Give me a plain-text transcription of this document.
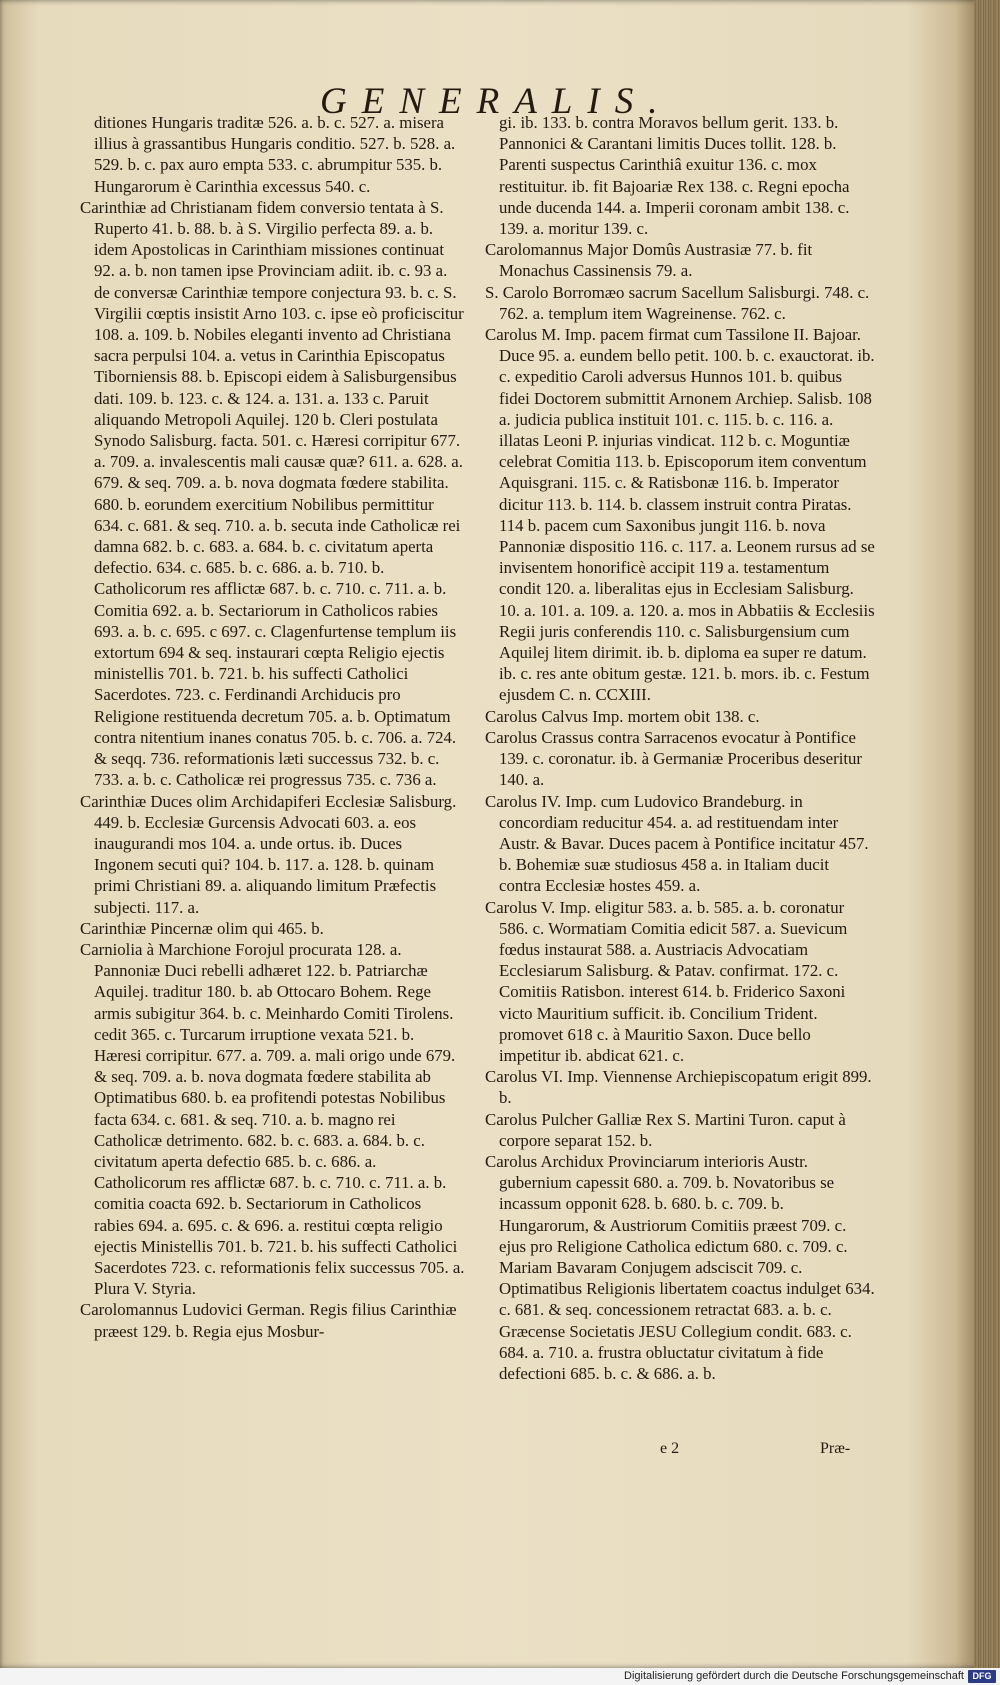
GENERALIS.

ditiones Hungaris traditæ 526. a. b. c. 527. a. misera illius à grassantibus Hungaris conditio. 527. b. 528. a. 529. b. c. pax auro empta 533. c. abrumpitur 535. b. Hungarorum è Carinthia excessus 540. c.

Carinthiæ ad Christianam fidem conversio tentata à S. Ruperto 41. b. 88. b. à S. Virgilio perfecta 89. a. b. idem Apostolicas in Carinthiam missiones continuat 92. a. b. non tamen ipse Provinciam adiit. ib. c. 93 a. de conversæ Carinthiæ tempore conjectura 93. b. c. S. Virgilii cœptis insistit Arno 103. c. ipse eò proficiscitur 108. a. 109. b. Nobiles eleganti invento ad Christiana sacra perpulsi 104. a. vetus in Carinthia Episcopatus Tiborniensis 88. b. Episcopi eidem à Salisburgensibus dati. 109. b. 123. c. & 124. a. 131. a. 133 c. Paruit aliquando Metropoli Aquilej. 120 b. Cleri postulata Synodo Salisburg. facta. 501. c. Hæresi corripitur 677. a. 709. a. invalescentis mali causæ quæ? 611. a. 628. a. 679. & seq. 709. a. b. nova dogmata fœdere stabilita. 680. b. eorundem exercitium Nobilibus permittitur 634. c. 681. & seq. 710. a. b. secuta inde Catholicæ rei damna 682. b. c. 683. a. 684. b. c. civitatum aperta defectio. 634. c. 685. b. c. 686. a. b. 710. b. Catholicorum res afflictæ 687. b. c. 710. c. 711. a. b. Comitia 692. a. b. Sectariorum in Catholicos rabies 693. a. b. c. 695. c 697. c. Clagenfurtense templum iis extortum 694 & seq. instaurari cœpta Religio ejectis ministellis 701. b. 721. b. his suffecti Catholici Sacerdotes. 723. c. Ferdinandi Archiducis pro Religione restituenda decretum 705. a. b. Optimatum contra nitentium inanes conatus 705. b. c. 706. a. 724. & seqq. 736. reformationis læti successus 732. b. c. 733. a. b. c. Catholicæ rei progressus 735. c. 736 a.

Carinthiæ Duces olim Archidapiferi Ecclesiæ Salisburg. 449. b. Ecclesiæ Gurcensis Advocati 603. a. eos inaugurandi mos 104. a. unde ortus. ib. Duces Ingonem secuti qui? 104. b. 117. a. 128. b. quinam primi Christiani 89. a. aliquando limitum Præfectis subjecti. 117. a.

Carinthiæ Pincernæ olim qui 465. b.

Carniolia à Marchione Forojul procurata 128. a. Pannoniæ Duci rebelli adhæret 122. b. Patriarchæ Aquilej. traditur 180. b. ab Ottocaro Bohem. Rege armis subigitur 364. b. c. Meinhardo Comiti Tirolens. cedit 365. c. Turcarum irruptione vexata 521. b. Hæresi corripitur. 677. a. 709. a. mali origo unde 679. & seq. 709. a. b. nova dogmata fœdere stabilita ab Optimatibus 680. b. ea profitendi potestas Nobilibus facta 634. c. 681. & seq. 710. a. b. magno rei Catholicæ detrimento. 682. b. c. 683. a. 684. b. c. civitatum aperta defectio 685. b. c. 686. a. Catholicorum res afflictæ 687. b. c. 710. c. 711. a. b. comitia coacta 692. b. Sectariorum in Catholicos rabies 694. a. 695. c. & 696. a. restitui cœpta religio ejectis Ministellis 701. b. 721. b. his suffecti Catholici Sacerdotes 723. c. reformationis felix successus 705. a. Plura V. Styria.

Carolomannus Ludovici German. Regis filius Carinthiæ præest 129. b. Regia ejus Mosbur-

gi. ib. 133. b. contra Moravos bellum gerit. 133. b. Pannonici & Carantani limitis Duces tollit. 128. b. Parenti suspectus Carinthiâ exuitur 136. c. mox restituitur. ib. fit Bajoariæ Rex 138. c. Regni epocha unde ducenda 144. a. Imperii coronam ambit 138. c. 139. a. moritur 139. c.

Carolomannus Major Domûs Austrasiæ 77. b. fit Monachus Cassinensis 79. a.

S. Carolo Borromæo sacrum Sacellum Salisburgi. 748. c. 762. a. templum item Wagreinense. 762. c.

Carolus M. Imp. pacem firmat cum Tassilone II. Bajoar. Duce 95. a. eundem bello petit. 100. b. c. exauctorat. ib. c. expeditio Caroli adversus Hunnos 101. b. quibus fidei Doctorem submittit Arnonem Archiep. Salisb. 108 a. judicia publica instituit 101. c. 115. b. c. 116. a. illatas Leoni P. injurias vindicat. 112 b. c. Moguntiæ celebrat Comitia 113. b. Episcoporum item conventum Aquisgrani. 115. c. & Ratisbonæ 116. b. Imperator dicitur 113. b. 114. b. classem instruit contra Piratas. 114 b. pacem cum Saxonibus jungit 116. b. nova Pannoniæ dispositio 116. c. 117. a. Leonem rursus ad se invisentem honorificè accipit 119 a. testamentum condit 120. a. liberalitas ejus in Ecclesiam Salisburg. 10. a. 101. a. 109. a. 120. a. mos in Abbatiis & Ecclesiis Regii juris conferendis 110. c. Salisburgensium cum Aquilej litem dirimit. ib. b. diploma ea super re datum. ib. c. res ante obitum gestæ. 121. b. mors. ib. c. Festum ejusdem C. n. CCXIII.

Carolus Calvus Imp. mortem obit 138. c.

Carolus Crassus contra Sarracenos evocatur à Pontifice 139. c. coronatur. ib. à Germaniæ Proceribus deseritur 140. a.

Carolus IV. Imp. cum Ludovico Brandeburg. in concordiam reducitur 454. a. ad restituendam inter Austr. & Bavar. Duces pacem à Pontifice incitatur 457. b. Bohemiæ suæ studiosus 458 a. in Italiam ducit contra Ecclesiæ hostes 459. a.

Carolus V. Imp. eligitur 583. a. b. 585. a. b. coronatur 586. c. Wormatiam Comitia edicit 587. a. Suevicum fœdus instaurat 588. a. Austriacis Advocatiam Ecclesiarum Salisburg. & Patav. confirmat. 172. c. Comitiis Ratisbon. interest 614. b. Friderico Saxoni victo Mauritium sufficit. ib. Concilium Trident. promovet 618 c. à Mauritio Saxon. Duce bello impetitur ib. abdicat 621. c.

Carolus VI. Imp. Viennense Archiepiscopatum erigit 899. b.

Carolus Pulcher Galliæ Rex S. Martini Turon. caput à corpore separat 152. b.

Carolus Archidux Provinciarum interioris Austr. gubernium capessit 680. a. 709. b. Novatoribus se incassum opponit 628. b. 680. b. c. 709. b. Hungarorum, & Austriorum Comitiis præest 709. c. ejus pro Religione Catholica edictum 680. c. 709. c. Mariam Bavaram Conjugem adsciscit 709. c. Optimatibus Religionis libertatem coactus indulget 634. c. 681. & seq. concessionem retractat 683. a. b. c. Græcense Societatis JESU Collegium condit. 683. c. 684. a. 710. a. frustra obluctatur civitatum à fide defectioni 685. b. c. & 686. a. b.

e 2	Præ-
Digitalisierung gefördert durch die Deutsche Forschungsgemeinschaft DFG
